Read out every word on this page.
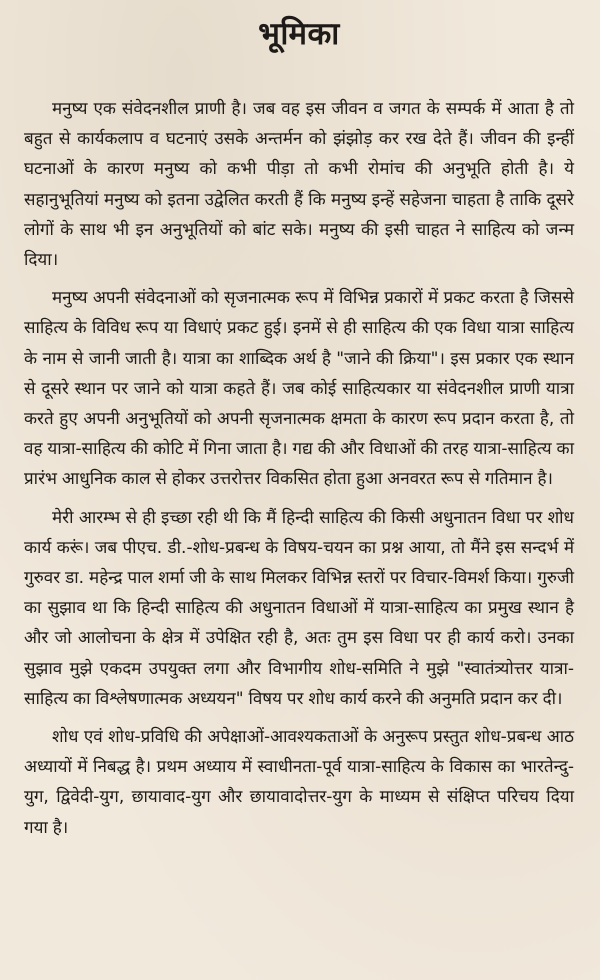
भूमिका

मनुष्य एक संवेदनशील प्राणी है। जब वह इस जीवन व जगत के सम्पर्क में आता है तो बहुत से कार्यकलाप व घटनाएं उसके अन्तर्मन को झंझोड़ कर रख देते हैं। जीवन की इन्हीं घटनाओं के कारण मनुष्य को कभी पीड़ा तो कभी रोमांच की अनुभूति होती है। ये सहानुभूतियां मनुष्य को इतना उद्वेलित करती हैं कि मनुष्य इन्हें सहेजना चाहता है ताकि दूसरे लोगों के साथ भी इन अनुभूतियों को बांट सके। मनुष्य की इसी चाहत ने साहित्य को जन्म दिया।

मनुष्य अपनी संवेदनाओं को सृजनात्मक रूप में विभिन्न प्रकारों में प्रकट करता है जिससे साहित्य के विविध रूप या विधाएं प्रकट हुई। इनमें से ही साहित्य की एक विधा यात्रा साहित्य के नाम से जानी जाती है। यात्रा का शाब्दिक अर्थ है "जाने की क्रिया"। इस प्रकार एक स्थान से दूसरे स्थान पर जाने को यात्रा कहते हैं। जब कोई साहित्यकार या संवेदनशील प्राणी यात्रा करते हुए अपनी अनुभूतियों को अपनी सृजनात्मक क्षमता के कारण रूप प्रदान करता है, तो वह यात्रा-साहित्य की कोटि में गिना जाता है। गद्य की और विधाओं की तरह यात्रा-साहित्य का प्रारंभ आधुनिक काल से होकर उत्तरोत्तर विकसित होता हुआ अनवरत रूप से गतिमान है।

मेरी आरम्भ से ही इच्छा रही थी कि मैं हिन्दी साहित्य की किसी अधुनातन विधा पर शोध कार्य करूं। जब पीएच. डी.-शोध-प्रबन्ध के विषय-चयन का प्रश्न आया, तो मैंने इस सन्दर्भ में गुरुवर डा. महेन्द्र पाल शर्मा जी के साथ मिलकर विभिन्न स्तरों पर विचार-विमर्श किया। गुरुजी का सुझाव था कि हिन्दी साहित्य की अधुनातन विधाओं में यात्रा-साहित्य का प्रमुख स्थान है और जो आलोचना के क्षेत्र में उपेक्षित रही है, अतः तुम इस विधा पर ही कार्य करो। उनका सुझाव मुझे एकदम उपयुक्त लगा और विभागीय शोध-समिति ने मुझे "स्वातंत्र्योत्तर यात्रा-साहित्य का विश्लेषणात्मक अध्ययन" विषय पर शोध कार्य करने की अनुमति प्रदान कर दी।

शोध एवं शोध-प्रविधि की अपेक्षाओं-आवश्यकताओं के अनुरूप प्रस्तुत शोध-प्रबन्ध आठ अध्यायों में निबद्ध है। प्रथम अध्याय में स्वाधीनता-पूर्व यात्रा-साहित्य के विकास का भारतेन्दु-युग, द्विवेदी-युग, छायावाद-युग और छायावादोत्तर-युग के माध्यम से संक्षिप्त परिचय दिया गया है।
